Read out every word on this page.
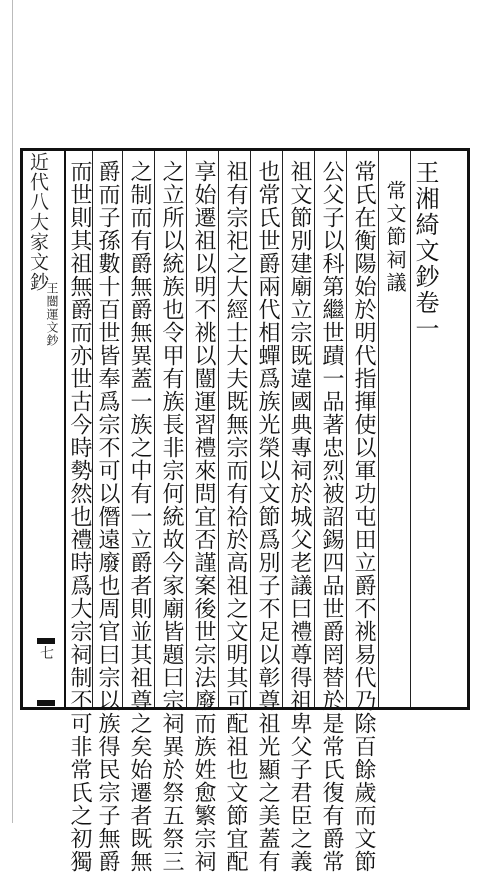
近代八大家文鈔
王闓運文鈔
七
王湘綺文鈔卷一
常文節祠議
常氏在衡陽始於明代指揮使以軍功屯田立爵不祧易代乃除百餘歲而文節
公父子以科第繼世蹟一品著忠烈被詔錫四品世爵罔替於是常氏復有爵常
祖文節別建廟立宗既違國典專祠於城父老議曰禮尊得祖卑父子君臣之義
也常氏世爵兩代相蟬爲族光榮以文節爲別子不足以彰尊祖光顯之美蓋有
祖有宗祀之大經士大夫既無宗而有祫於高祖之文明其可配祖也文節宜配
享始遷祖以明不祧以闓運習禮來問宜否謹案後世宗法廢而族姓愈繁宗祠
之立所以統族也令甲有族長非宗何統故今家廟皆題曰宗祠異於祭五祭三
之制而有爵無爵無異蓋一族之中有一立爵者則並其祖尊之矣始遷者既無
爵而子孫數十百世皆奉爲宗不可以僭遠廢也周官曰宗以族得民宗子無爵
而世則其祖無爵而亦世古今時勢然也禮時爲大宗祠制不可非常氏之初獨
